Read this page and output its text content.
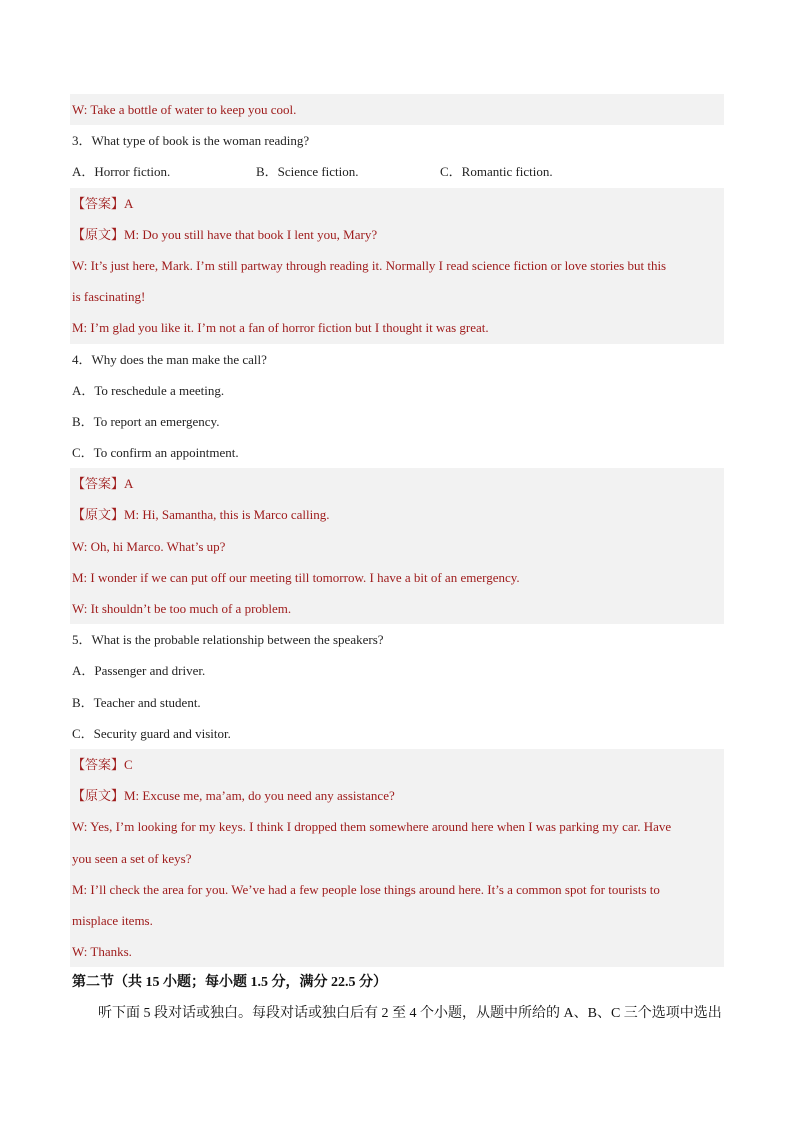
W: Take a bottle of water to keep you cool.
3．What type of book is the woman reading?
A．Horror fiction.	B．Science fiction.	C．Romantic fiction.
【答案】A
【原文】M: Do you still have that book I lent you, Mary?
W: It’s just here, Mark. I’m still partway through reading it. Normally I read science fiction or love stories but this
is fascinating!
M: I’m glad you like it. I’m not a fan of horror fiction but I thought it was great.
4．Why does the man make the call?
A．To reschedule a meeting.
B．To report an emergency.
C．To confirm an appointment.
【答案】A
【原文】M: Hi, Samantha, this is Marco calling.
W: Oh, hi Marco. What’s up?
M: I wonder if we can put off our meeting till tomorrow. I have a bit of an emergency.
W: It shouldn’t be too much of a problem.
5．What is the probable relationship between the speakers?
A．Passenger and driver.
B．Teacher and student.
C．Security guard and visitor.
【答案】C
【原文】M: Excuse me, ma’am, do you need any assistance?
W: Yes, I’m looking for my keys. I think I dropped them somewhere around here when I was parking my car. Have
you seen a set of keys?
M: I’ll check the area for you. We’ve had a few people lose things around here. It’s a common spot for tourists to
misplace items.
W: Thanks.
第二节（共 15 小题；每小题 1.5 分，满分 22.5 分）
听下面 5 段对话或独白。每段对话或独白后有 2 至 4 个小题，从题中所给的 A、B、C 三个选项中选出
